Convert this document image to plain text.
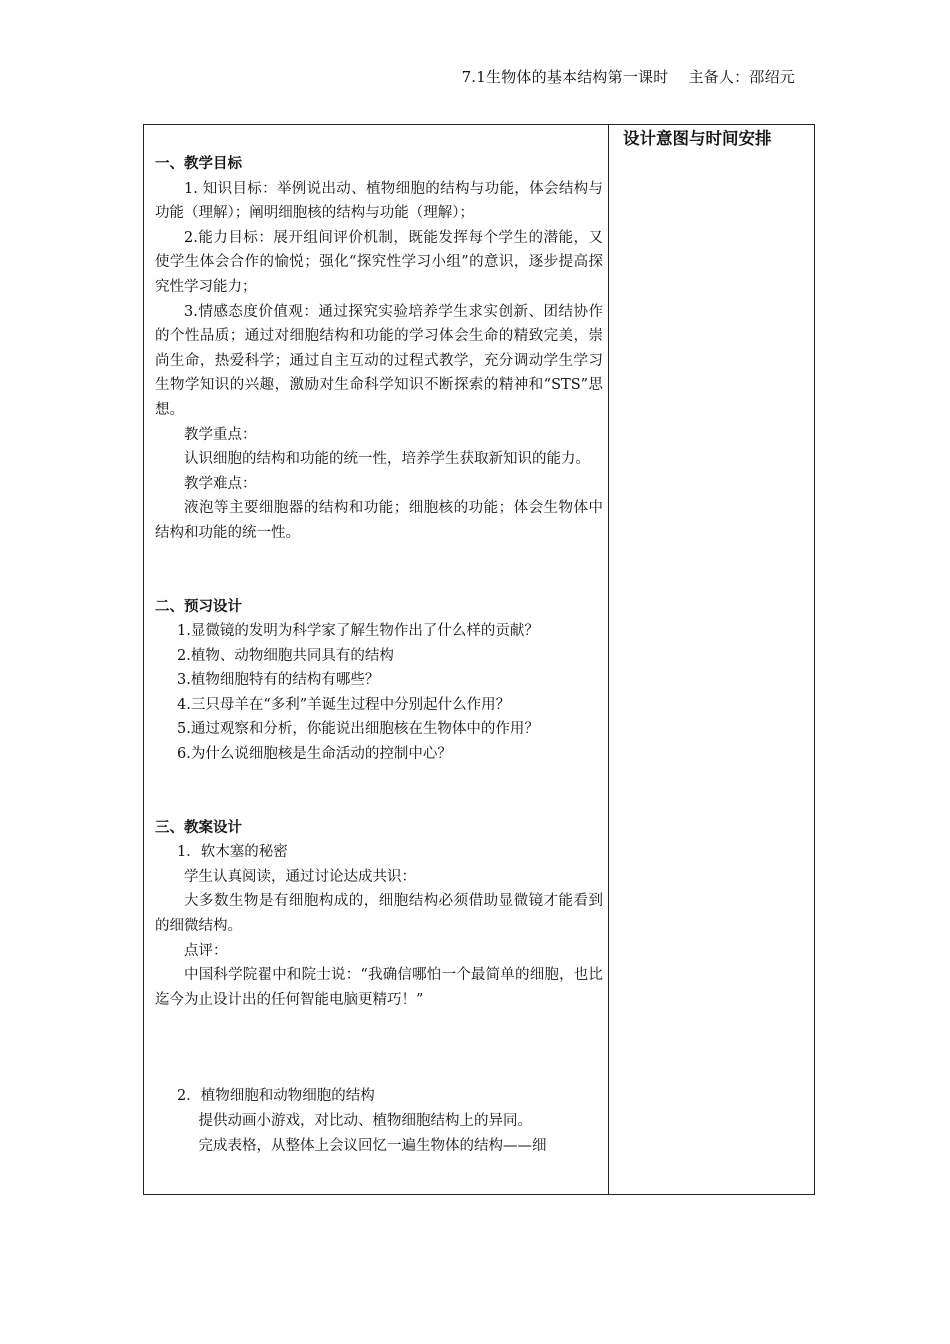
7.1生物体的基本结构第一课时　 主备人：邵绍元
一、教学目标

1. 知识目标：举例说出动、植物细胞的结构与功能，体会结构与功能（理解）；阐明细胞核的结构与功能（理解）；

2.能力目标：展开组间评价机制，既能发挥每个学生的潜能，又使学生体会合作的愉悦；强化“探究性学习小组”的意识，逐步提高探究性学习能力；

3.情感态度价值观：通过探究实验培养学生求实创新、团结协作的个性品质；通过对细胞结构和功能的学习体会生命的精致完美，崇尚生命，热爱科学；通过自主互动的过程式教学，充分调动学生学习生物学知识的兴趣，激励对生命科学知识不断探索的精神和“STS”思想。

教学重点：

认识细胞的结构和功能的统一性，培养学生获取新知识的能力。

教学难点：

液泡等主要细胞器的结构和功能；细胞核的功能；体会生物体中结构和功能的统一性。

二、预习设计

1.显微镜的发明为科学家了解生物作出了什么样的贡献？

2.植物、动物细胞共同具有的结构

3.植物细胞特有的结构有哪些？

4.三只母羊在“多利”羊诞生过程中分别起什么作用？

5.通过观察和分析，你能说出细胞核在生物体中的作用？

6.为什么说细胞核是生命活动的控制中心？

三、教案设计

1．软木塞的秘密

学生认真阅读，通过讨论达成共识：

大多数生物是有细胞构成的，细胞结构必须借助显微镜才能看到的细微结构。

点评：

中国科学院翟中和院士说：“我确信哪怕一个最简单的细胞，也比迄今为止设计出的任何智能电脑更精巧！”

2．植物细胞和动物细胞的结构

提供动画小游戏，对比动、植物细胞结构上的异同。

完成表格，从整体上会议回忆一遍生物体的结构——细

设计意图与时间安排
